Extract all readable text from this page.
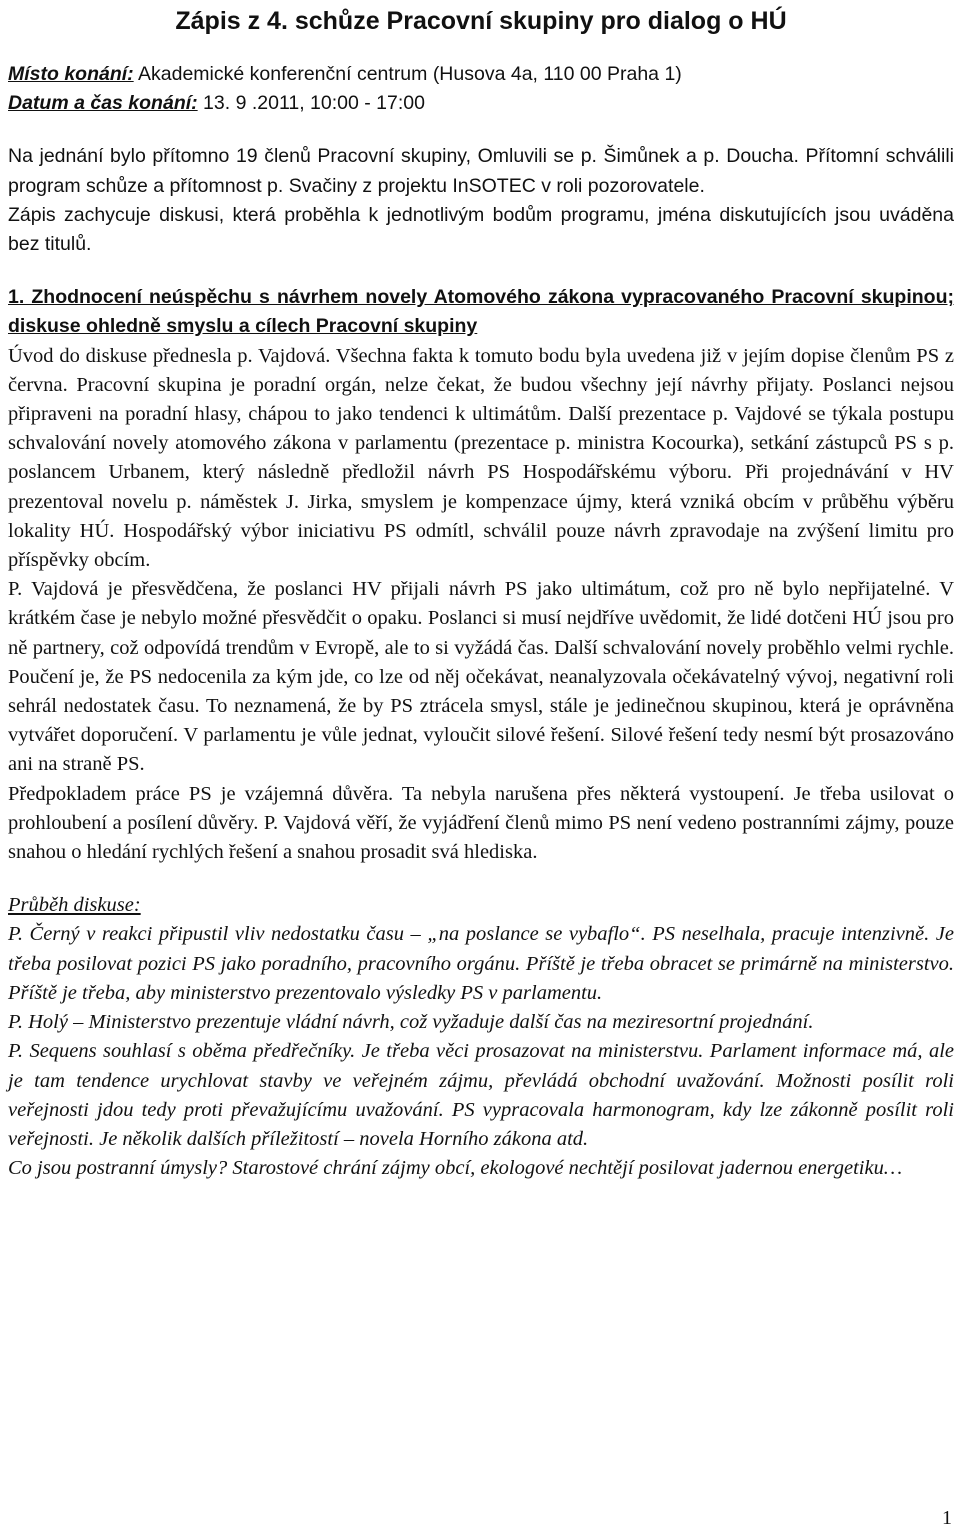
Zápis z 4. schůze Pracovní skupiny pro dialog o HÚ

Místo konání: Akademické konferenční centrum (Husova 4a, 110 00 Praha 1)

Datum a čas konání: 13. 9 .2011, 10:00 - 17:00

Na jednání bylo přítomno 19 členů Pracovní skupiny, Omluvili se p. Šimůnek a p. Doucha. Přítomní schválili program schůze a přítomnost p. Svačiny z projektu InSOTEC v roli pozorovatele.

Zápis zachycuje diskusi, která proběhla k jednotlivým bodům programu, jména diskutujících jsou uváděna bez titulů.

1. Zhodnocení neúspěchu s návrhem novely Atomového zákona vypracovaného Pracovní skupinou; diskuse ohledně smyslu a cílech Pracovní skupiny

Úvod do diskuse přednesla p. Vajdová. Všechna fakta k tomuto bodu byla uvedena již v jejím dopise členům PS z června. Pracovní skupina je poradní orgán, nelze čekat, že budou všechny její návrhy přijaty. Poslanci nejsou připraveni na poradní hlasy, chápou to jako tendenci k ultimátům. Další prezentace p. Vajdové se týkala postupu schvalování novely atomového zákona v parlamentu (prezentace p. ministra Kocourka), setkání zástupců PS s p. poslancem Urbanem, který následně předložil návrh PS Hospodářskému výboru. Při projednávání v HV prezentoval novelu p. náměstek J. Jirka, smyslem je kompenzace újmy, která vzniká obcím v průběhu výběru lokality HÚ. Hospodářský výbor iniciativu PS odmítl, schválil pouze návrh zpravodaje na zvýšení limitu pro příspěvky obcím.

P. Vajdová je přesvědčena, že poslanci HV přijali návrh PS jako ultimátum, což pro ně bylo nepřijatelné. V krátkém čase je nebylo možné přesvědčit o opaku. Poslanci si musí nejdříve uvědomit, že lidé dotčeni HÚ jsou pro ně partnery, což odpovídá trendům v Evropě, ale to si vyžádá čas. Další schvalování novely proběhlo velmi rychle. Poučení je, že PS nedocenila za kým jde, co lze od něj očekávat, neanalyzovala očekávatelný vývoj, negativní roli sehrál nedostatek času. To neznamená, že by PS ztrácela smysl, stále je jedinečnou skupinou, která je oprávněna vytvářet doporučení. V parlamentu je vůle jednat, vyloučit silové řešení. Silové řešení tedy nesmí být prosazováno ani na straně PS.

Předpokladem práce PS je vzájemná důvěra. Ta nebyla narušena přes některá vystoupení. Je třeba usilovat o prohloubení a posílení důvěry. P. Vajdová věří, že vyjádření členů mimo PS není vedeno postranními zájmy, pouze snahou o hledání rychlých řešení a snahou prosadit svá hlediska.

Průběh diskuse:

P. Černý v reakci připustil vliv nedostatku času – „na poslance se vybaflo“. PS neselhala, pracuje intenzivně. Je třeba posilovat pozici PS jako poradního, pracovního orgánu. Příště je třeba obracet se primárně na ministerstvo. Příště je třeba, aby ministerstvo prezentovalo výsledky PS v parlamentu.

P. Holý – Ministerstvo prezentuje vládní návrh, což vyžaduje další čas na meziresortní projednání.

P. Sequens souhlasí s oběma předřečníky. Je třeba věci prosazovat na ministerstvu. Parlament informace má, ale je tam tendence urychlovat stavby ve veřejném zájmu, převládá obchodní uvažování. Možnosti posílit roli veřejnosti jdou tedy proti převažujícímu uvažování. PS vypracovala harmonogram, kdy lze zákonně posílit roli veřejnosti. Je několik dalších příležitostí – novela Horního zákona atd.

Co jsou postranní úmysly? Starostové chrání zájmy obcí, ekologové nechtějí posilovat jadernou energetiku…

1
